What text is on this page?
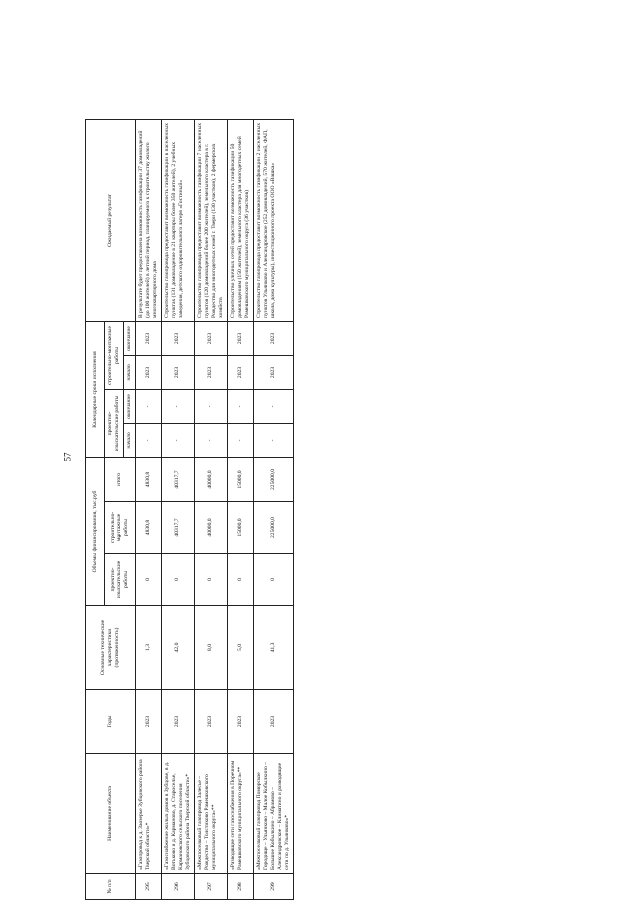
57
№ п/п	Наименование объекта	Годы	Основные технические характеристики (протяженность)	Объемы финансирования, тыс.руб			Календарные сроки исполнения				Ожидаемый результат
				проектно-изыскательские работы	строительно-монтажные работы	итого	проектно-изыскательские работы		строительно-монтажные работы		
							начало	окончание	начало	окончание	
295	«Газопровод к д. Заозерье Зубцовского района Тверской области»*	2023	1,3	0	4830,8	4830,8	-	-	2023	2023	В результате будет предоставлена возможность газификации 37 домовладений (до 100 жителей) в летний период, планируемого к строительству жилого многоквартирного дома
296	«Газоснабжение жилых домов в Зубцове, в д. Вотьково и д. Карманово, д. Староселье, Кармановского сельского поселения Зубцовского района Тверской области»*	2023	42,0	0	40317,7	40317,7	-	-	2023	2023	Строительство газопровода предоставит возможность газификации в населенных пунктах (131 домовладение в 21 квартиры более 350 жителей), 2 учебных заведения, детского оздоровительного лагеря «Гостиный»
297	«Межпоселковый газопровод Залесье – Рождество – Толстиково Рамешковского муниципального округа»**	2023	8,0	0	40000,0	40000,0	-	-	2023	2023	Строительство газопровода предоставит возможность газификации 7 населенных пунктов (120 домовладений более 200 жителей), земельного кластера в г. Рождество для многодетных семей г. Твери (130 участков), 2 фермерских хозяйств
298	«Разводящие сети газоснабжения в Поречном Рамешковского муниципального округа»**	2023	5,0	0	15000,0	15000,0	-	-	2023	2023	Строительство уличных сетей предоставит возможность газификации 50 домовладениям (150 жителей), земельного кластера для многодетных семей Рамешковского муниципального округа (36 участков)
299	«Межпоселковый газопровод Поморское Городище – Ульянково – Малое Кобылкино – Большое Кобылкино – Абрамово – Александровское – Климатино и разводящие сети по д. Ульянково»*	2023	41,3	0	225000,0	225000,0	-	-	2023	2023	Строительство газопровода предоставит возможность газификации 2 населенных пунктов Ульянково и Александровское (252 домовладений, 570 жителей, ФАП, школа, дома культуры), инвестиционного проекта ООО «Вашка»
